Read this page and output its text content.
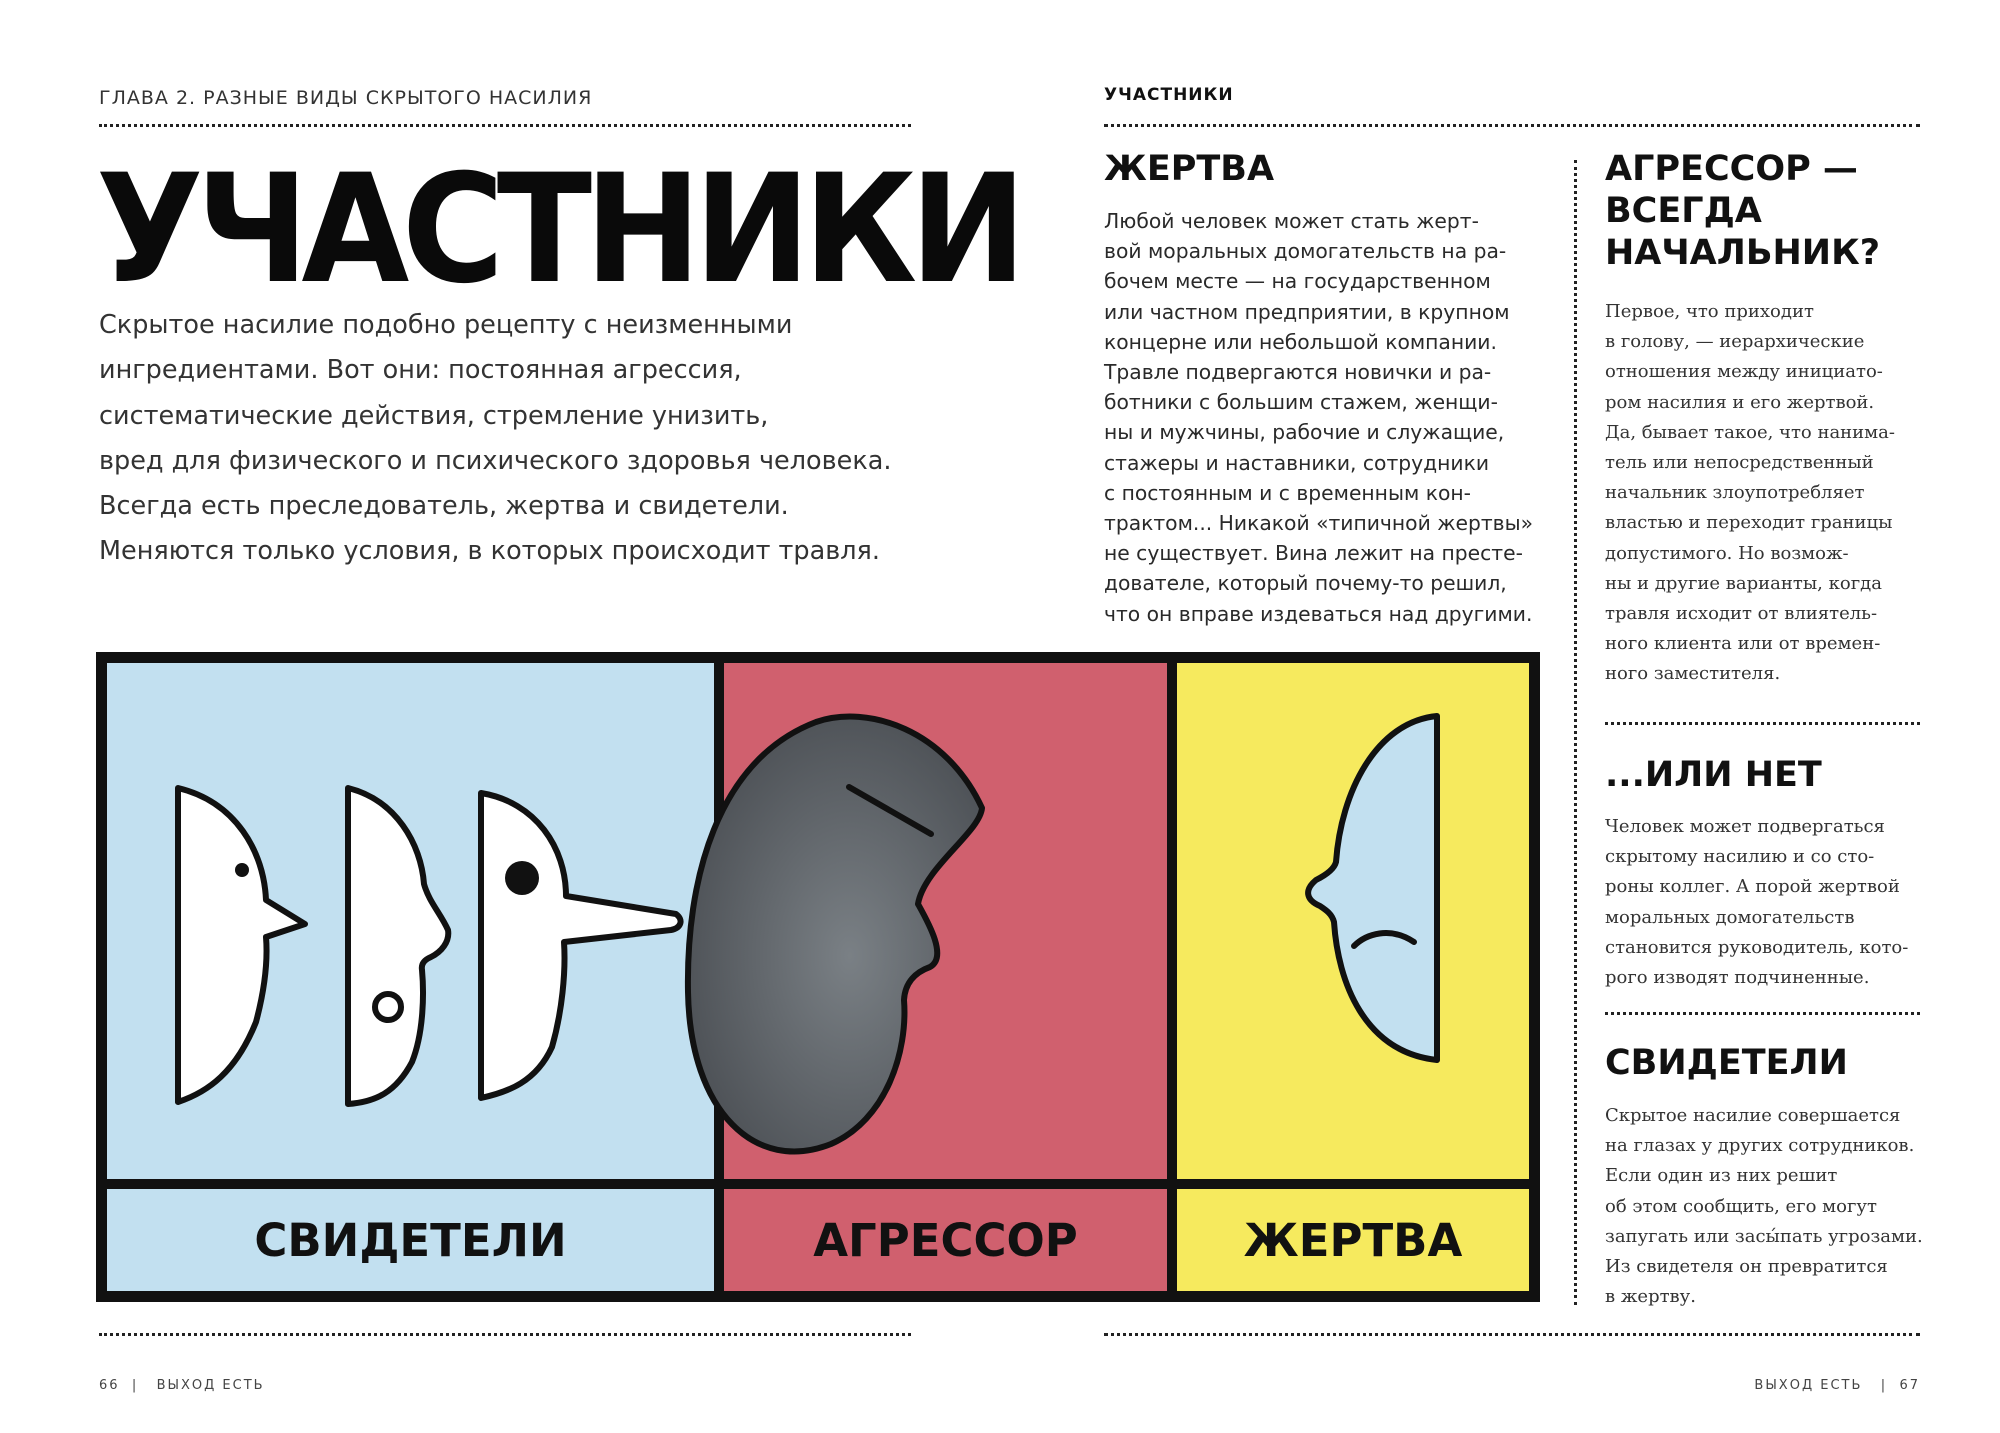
ГЛАВА 2. РАЗНЫЕ ВИДЫ СКРЫТОГО НАСИЛИЯ
УЧАСТНИКИ
Скрытое насилие подобно рецепту с неизменными
ингредиентами. Вот они: постоянная агрессия,
систематические действия, стремление унизить,
вред для физического и психического здоровья человека.
Всегда есть преследователь, жертва и свидетели.
Меняются только условия, в которых происходит травля.
СВИДЕТЕЛИ	АГРЕССОР	ЖЕРТВА
66  |   ВЫХОД ЕСТЬ
УЧАСТНИКИ
ЖЕРТВА
Любой человек может стать жерт-
вой моральных домогательств на ра-
бочем месте — на государственном
или частном предприятии, в крупном
концерне или небольшой компании.
Травле подвергаются новички и ра-
ботники с большим стажем, женщи-
ны и мужчины, рабочие и служащие,
стажеры и наставники, сотрудники
с постоянным и с временным кон-
трактом... Никакой «типичной жертвы»
не существует. Вина лежит на престе-
дователе, который почему-то решил,
что он вправе издеваться над другими.
АГРЕССОР —
ВСЕГДА
НАЧАЛЬНИК?
Первое, что приходит
в голову, — иерархические
отношения между инициато-
ром насилия и его жертвой.
Да, бывает такое, что нанима-
тель или непосредственный
начальник злоупотребляет
властью и переходит границы
допустимого. Но возмож-
ны и другие варианты, когда
травля исходит от влиятель-
ного клиента или от времен-
ного заместителя.
...ИЛИ НЕТ
Человек может подвергаться
скрытому насилию и со сто-
роны коллег. А порой жертвой
моральных домогательств
становится руководитель, кото-
рого изводят подчиненные.
СВИДЕТЕЛИ
Скрытое насилие совершается
на глазах у других сотрудников.
Если один из них решит
об этом сообщить, его могут
запугать или засы́пать угрозами.
Из свидетеля он превратится
в жертву.
ВЫХОД ЕСТЬ   |  67
